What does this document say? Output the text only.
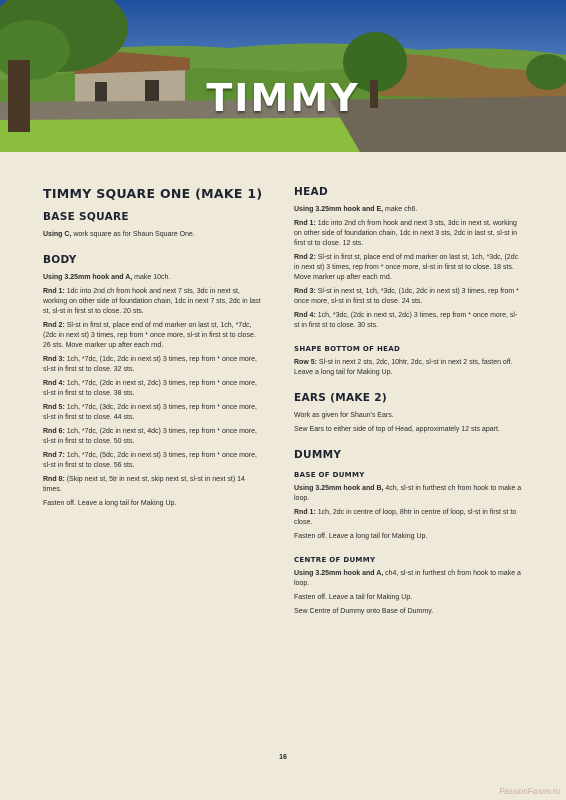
TIMMY
TIMMY SQUARE ONE (MAKE 1)
BASE SQUARE

Using C, work square as for Shaun Square One.

BODY

Using 3.25mm hook and A, make 10ch.

Rnd 1: 1dc into 2nd ch from hook and next 7 sts, 3dc in next st, working on other side of foundation chain, 1dc in next 7 sts, 2dc in last st, sl-st in first st to close. 20 sts.

Rnd 2: Sl-st in first st, place end of rnd marker on last st, 1ch, *7dc, (2dc in next st) 3 times, rep from * once more, sl-st in first st to close. 26 sts. Move marker up after each rnd.

Rnd 3: 1ch, *7dc, (1dc, 2dc in next st) 3 times, rep from * once more, sl-st in first st to close. 32 sts.

Rnd 4: 1ch, *7dc, (2dc in next st, 2dc) 3 times, rep from * once more, sl-st in first st to close. 38 sts.

Rnd 5: 1ch, *7dc, (3dc, 2dc in next st) 3 times, rep from * once more, sl-st in first st to close. 44 sts.

Rnd 6: 1ch, *7dc, (2dc in next st, 4dc) 3 times, rep from * once more, sl-st in first st to close. 50 sts.

Rnd 7: 1ch, *7dc, (5dc, 2dc in next st) 3 times, rep from * once more, sl-st in first st to close. 56 sts.

Rnd 8: (Skip next st, 5tr in next st, skip next st, sl-st in next st) 14 times.

Fasten off. Leave a long tail for Making Up.

HEAD

Using 3.25mm hook and E, make ch6.

Rnd 1: 1dc into 2nd ch from hook and next 3 sts, 3dc in next st, working on other side of foundation chain, 1dc in next 3 sts, 2dc in last st, sl-st in first st to close. 12 sts.

Rnd 2: Sl-st in first st, place end of rnd marker on last st, 1ch, *3dc, (2dc in next st) 3 times, rep from * once more, sl-st in first st to close. 18 sts. Move marker up after each rnd.

Rnd 3: Sl-st in next st, 1ch, *3dc, (1dc, 2dc in next st) 3 times, rep from * once more, sl-st in first st to close. 24 sts.

Rnd 4: 1ch, *3dc, (2dc in next st, 2dc) 3 times, rep from * once more, sl-st in first st to close. 30 sts.

SHAPE BOTTOM OF HEAD

Row 5: Sl-st in next 2 sts, 2dc, 10htr, 2dc, sl-st in next 2 sts, fasten off. Leave a long tail for Making Up.

EARS (MAKE 2)

Work as given for Shaun's Ears.

Sew Ears to either side of top of Head, approximately 12 sts apart.

DUMMY
BASE OF DUMMY

Using 3.25mm hook and B, 4ch, sl-st in furthest ch from hook to make a loop.

Rnd 1: 1ch, 2dc in centre of loop, 8htr in centre of loop, sl-st in first st to close.

Fasten off. Leave a long tail for Making Up.

CENTRE OF DUMMY

Using 3.25mm hook and A, ch4, sl-st in furthest ch from hook to make a loop.

Fasten off. Leave a tail for Making Up.

Sew Centre of Dummy onto Base of Dummy.

16
PassionForum.ru
